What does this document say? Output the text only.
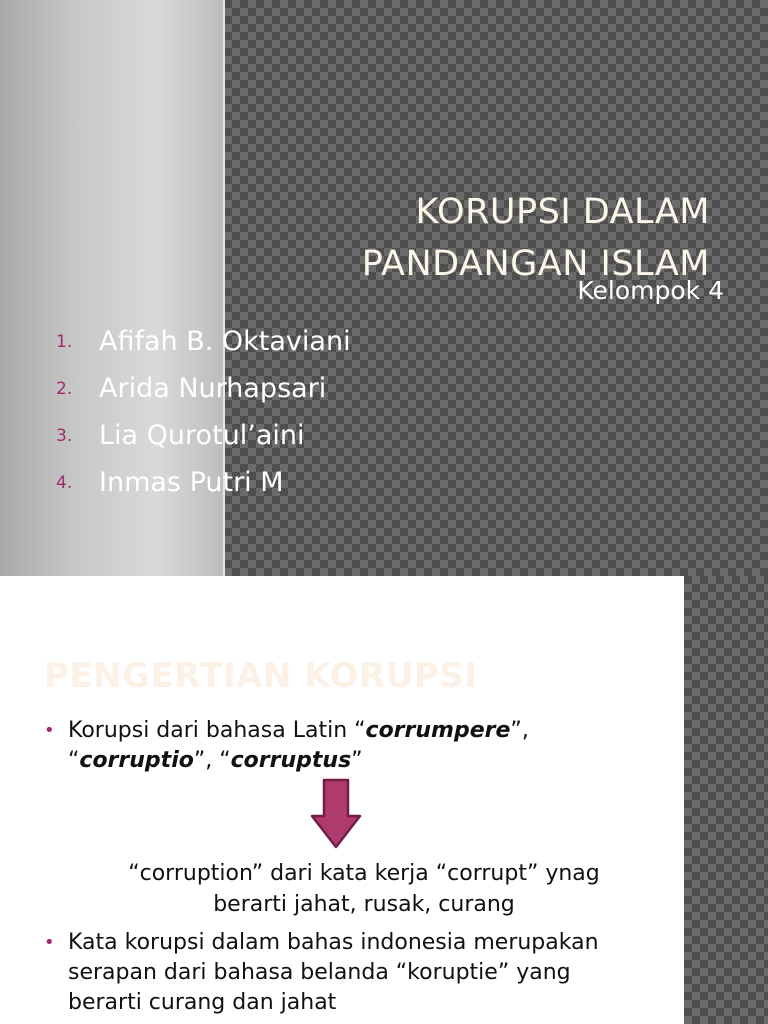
KORUPSI DALAM
PANDANGAN ISLAM
Kelompok 4
1. Afifah B. Oktaviani
2. Arida Nurhapsari
3. Lia Qurotul’aini
4. Inmas Putri M
PENGERTIAN KORUPSI
• Korupsi dari bahasa Latin “corrumpere”,
“corruptio”, “corruptus”
“corruption” dari kata kerja “corrupt” ynag
berarti jahat, rusak, curang
• Kata korupsi dalam bahas indonesia merupakan
serapan dari bahasa belanda “koruptie” yang
berarti curang dan jahat
